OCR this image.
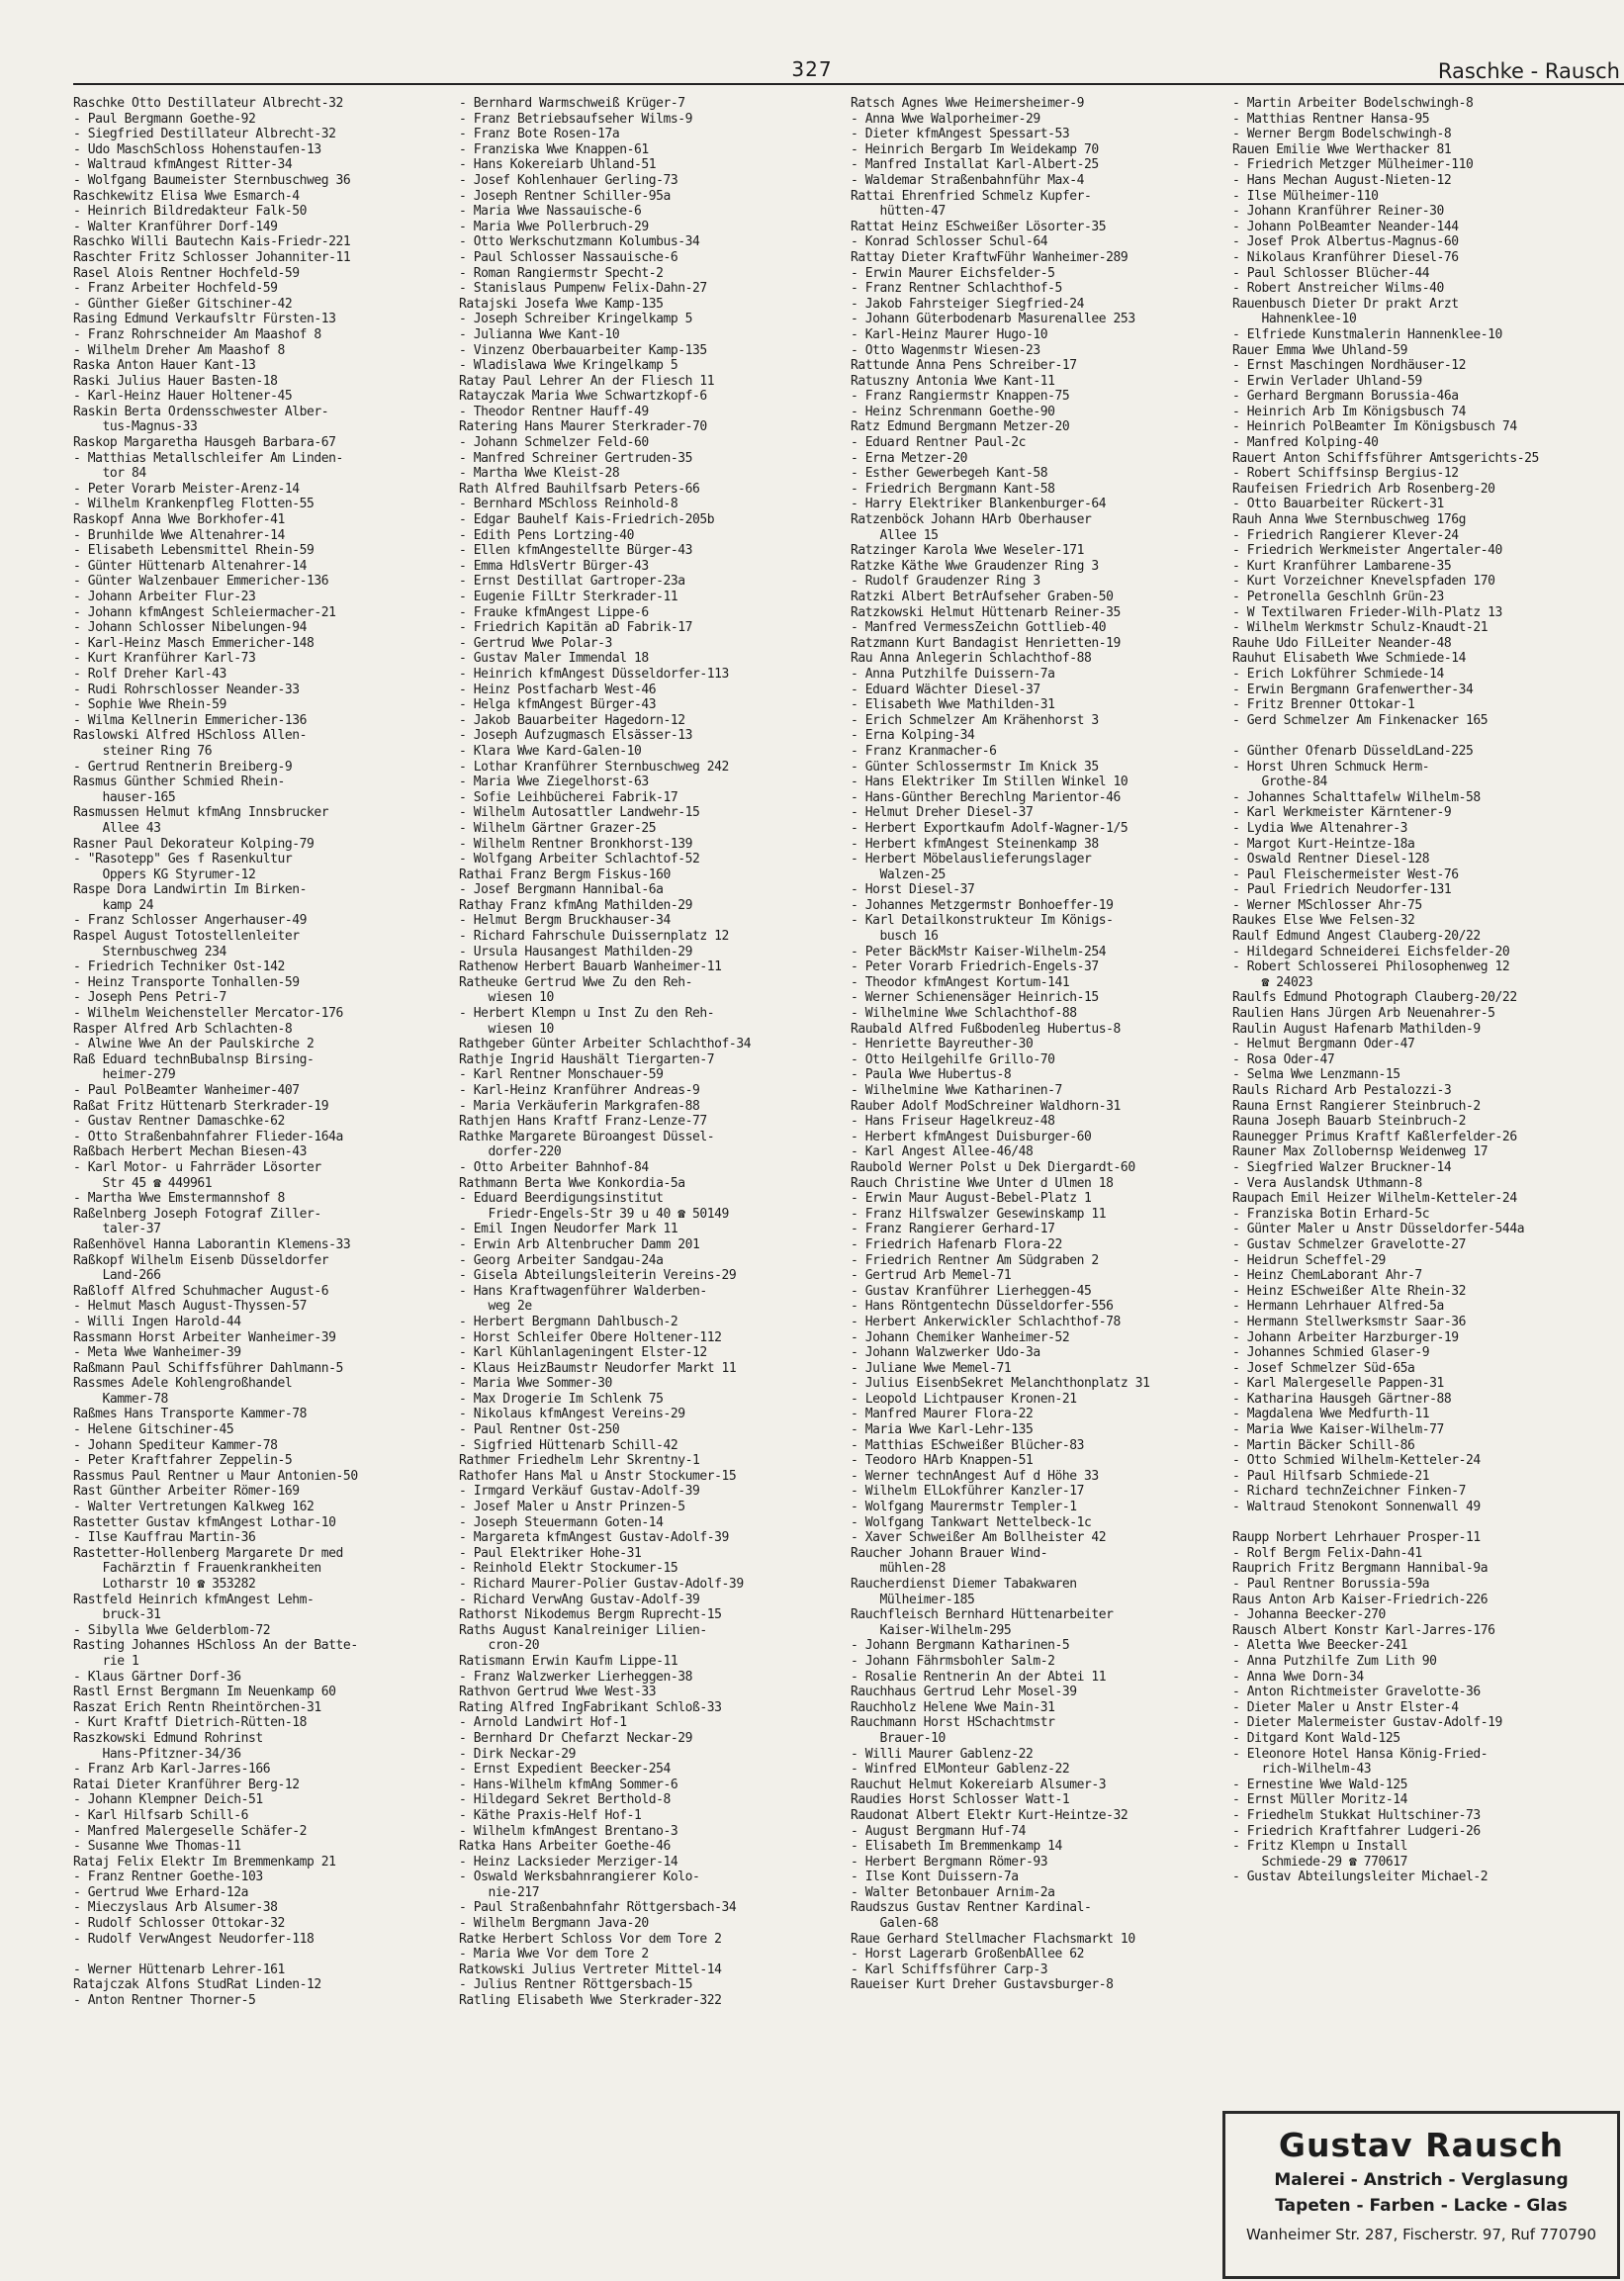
327	Raschke - Rausch
Raschke Otto Destillateur Albrecht-32
- Paul Bergmann Goethe-92
- Siegfried Destillateur Albrecht-32
- Udo MaschSchloss Hohenstaufen-13
- Waltraud kfmAngest Ritter-34
- Wolfgang Baumeister Sternbuschweg 36
Raschkewitz Elisa Wwe Esmarch-4
- Heinrich Bildredakteur Falk-50
- Walter Kranführer Dorf-149
Raschko Willi Bautechn Kais-Friedr-221
Raschter Fritz Schlosser Johanniter-11
Rasel Alois Rentner Hochfeld-59
- Franz Arbeiter Hochfeld-59
- Günther Gießer Gitschiner-42
Rasing Edmund Verkaufsltr Fürsten-13
- Franz Rohrschneider Am Maashof 8
- Wilhelm Dreher Am Maashof 8
Raska Anton Hauer Kant-13
Raski Julius Hauer Basten-18
- Karl-Heinz Hauer Holtener-45
Raskin Berta Ordensschwester Alber-
tus-Magnus-33
Raskop Margaretha Hausgeh Barbara-67
- Matthias Metallschleifer Am Linden-
tor 84
- Peter Vorarb Meister-Arenz-14
- Wilhelm Krankenpfleg Flotten-55
Raskopf Anna Wwe Borkhofer-41
- Brunhilde Wwe Altenahrer-14
- Elisabeth Lebensmittel Rhein-59
- Günter Hüttenarb Altenahrer-14
- Günter Walzenbauer Emmericher-136
- Johann Arbeiter Flur-23
- Johann kfmAngest Schleiermacher-21
- Johann Schlosser Nibelungen-94
- Karl-Heinz Masch Emmericher-148
- Kurt Kranführer Karl-73
- Rolf Dreher Karl-43
- Rudi Rohrschlosser Neander-33
- Sophie Wwe Rhein-59
- Wilma Kellnerin Emmericher-136
Raslowski Alfred HSchloss Allen-
steiner Ring 76
- Gertrud Rentnerin Breiberg-9
Rasmus Günther Schmied Rhein-
hauser-165
Rasmussen Helmut kfmAng Innsbrucker
Allee 43
Rasner Paul Dekorateur Kolping-79
- "Rasotepp" Ges f Rasenkultur
Oppers KG Styrumer-12
Raspe Dora Landwirtin Im Birken-
kamp 24
- Franz Schlosser Angerhauser-49
Raspel August Totostellenleiter
Sternbuschweg 234
- Friedrich Techniker Ost-142
- Heinz Transporte Tonhallen-59
- Joseph Pens Petri-7
- Wilhelm Weichensteller Mercator-176
Rasper Alfred Arb Schlachten-8
- Alwine Wwe An der Paulskirche 2
Raß Eduard technBubalnsp Birsing-
heimer-279
- Paul PolBeamter Wanheimer-407
Raßat Fritz Hüttenarb Sterkrader-19
- Gustav Rentner Damaschke-62
- Otto Straßenbahnfahrer Flieder-164a
Raßbach Herbert Mechan Biesen-43
- Karl Motor- u Fahrräder Lösorter
Str 45 ☎ 449961
- Martha Wwe Emstermannshof 8
Raßelnberg Joseph Fotograf Ziller-
taler-37
Raßenhövel Hanna Laborantin Klemens-33
Raßkopf Wilhelm Eisenb Düsseldorfer
Land-266
Raßloff Alfred Schuhmacher August-6
- Helmut Masch August-Thyssen-57
- Willi Ingen Harold-44
Rassmann Horst Arbeiter Wanheimer-39
- Meta Wwe Wanheimer-39
Raßmann Paul Schiffsführer Dahlmann-5
Rassmes Adele Kohlengroßhandel
Kammer-78
Raßmes Hans Transporte Kammer-78
- Helene Gitschiner-45
- Johann Spediteur Kammer-78
- Peter Kraftfahrer Zeppelin-5
Rassmus Paul Rentner u Maur Antonien-50
Rast Günther Arbeiter Römer-169
- Walter Vertretungen Kalkweg 162
Rastetter Gustav kfmAngest Lothar-10
- Ilse Kauffrau Martin-36
Rastetter-Hollenberg Margarete Dr med
Fachärztin f Frauenkrankheiten
Lotharstr 10 ☎ 353282
Rastfeld Heinrich kfmAngest Lehm-
bruck-31
- Sibylla Wwe Gelderblom-72
Rasting Johannes HSchloss An der Batte-
rie 1
- Klaus Gärtner Dorf-36
Rastl Ernst Bergmann Im Neuenkamp 60
Raszat Erich Rentn Rheintörchen-31
- Kurt Kraftf Dietrich-Rütten-18
Raszkowski Edmund Rohrinst
Hans-Pfitzner-34/36
- Franz Arb Karl-Jarres-166
Ratai Dieter Kranführer Berg-12
- Johann Klempner Deich-51
- Karl Hilfsarb Schill-6
- Manfred Malergeselle Schäfer-2
- Susanne Wwe Thomas-11
Rataj Felix Elektr Im Bremmenkamp 21
- Franz Rentner Goethe-103
- Gertrud Wwe Erhard-12a
- Mieczyslaus Arb Alsumer-38
- Rudolf Schlosser Ottokar-32
- Rudolf VerwAngest Neudorfer-118

- Werner Hüttenarb Lehrer-161
Ratajczak Alfons StudRat Linden-12
- Anton Rentner Thorner-5
- Bernhard Warmschweiß Krüger-7
- Franz Betriebsaufseher Wilms-9
- Franz Bote Rosen-17a
- Franziska Wwe Knappen-61
- Hans Kokereiarb Uhland-51
- Josef Kohlenhauer Gerling-73
- Joseph Rentner Schiller-95a
- Maria Wwe Nassauische-6
- Maria Wwe Pollerbruch-29
- Otto Werkschutzmann Kolumbus-34
- Paul Schlosser Nassauische-6
- Roman Rangiermstr Specht-2
- Stanislaus Pumpenw Felix-Dahn-27
Ratajski Josefa Wwe Kamp-135
- Joseph Schreiber Kringelkamp 5
- Julianna Wwe Kant-10
- Vinzenz Oberbauarbeiter Kamp-135
- Wladislawa Wwe Kringelkamp 5
Ratay Paul Lehrer An der Fliesch 11
Ratayczak Maria Wwe Schwartzkopf-6
- Theodor Rentner Hauff-49
Ratering Hans Maurer Sterkrader-70
- Johann Schmelzer Feld-60
- Manfred Schreiner Gertruden-35
- Martha Wwe Kleist-28
Rath Alfred Bauhilfsarb Peters-66
- Bernhard MSchloss Reinhold-8
- Edgar Bauhelf Kais-Friedrich-205b
- Edith Pens Lortzing-40
- Ellen kfmAngestellte Bürger-43
- Emma HdlsVertr Bürger-43
- Ernst Destillat Gartroper-23a
- Eugenie FilLtr Sterkrader-11
- Frauke kfmAngest Lippe-6
- Friedrich Kapitän aD Fabrik-17
- Gertrud Wwe Polar-3
- Gustav Maler Immendal 18
- Heinrich kfmAngest Düsseldorfer-113
- Heinz Postfacharb West-46
- Helga kfmAngest Bürger-43
- Jakob Bauarbeiter Hagedorn-12
- Joseph Aufzugmasch Elsässer-13
- Klara Wwe Kard-Galen-10
- Lothar Kranführer Sternbuschweg 242
- Maria Wwe Ziegelhorst-63
- Sofie Leihbücherei Fabrik-17
- Wilhelm Autosattler Landwehr-15
- Wilhelm Gärtner Grazer-25
- Wilhelm Rentner Bronkhorst-139
- Wolfgang Arbeiter Schlachtof-52
Rathai Franz Bergm Fiskus-160
- Josef Bergmann Hannibal-6a
Rathay Franz kfmAng Mathilden-29
- Helmut Bergm Bruckhauser-34
- Richard Fahrschule Duissernplatz 12
- Ursula Hausangest Mathilden-29
Rathenow Herbert Bauarb Wanheimer-11
Ratheuke Gertrud Wwe Zu den Reh-
wiesen 10
- Herbert Klempn u Inst Zu den Reh-
wiesen 10
Rathgeber Günter Arbeiter Schlachthof-34
Rathje Ingrid Haushält Tiergarten-7
- Karl Rentner Monschauer-59
- Karl-Heinz Kranführer Andreas-9
- Maria Verkäuferin Markgrafen-88
Rathjen Hans Kraftf Franz-Lenze-77
Rathke Margarete Büroangest Düssel-
dorfer-220
- Otto Arbeiter Bahnhof-84
Rathmann Berta Wwe Konkordia-5a
- Eduard Beerdigungsinstitut
Friedr-Engels-Str 39 u 40 ☎ 50149
- Emil Ingen Neudorfer Mark 11
- Erwin Arb Altenbrucher Damm 201
- Georg Arbeiter Sandgau-24a
- Gisela Abteilungsleiterin Vereins-29
- Hans Kraftwagenführer Walderben-
weg 2e
- Herbert Bergmann Dahlbusch-2
- Horst Schleifer Obere Holtener-112
- Karl Kühlanlageningent Elster-12
- Klaus HeizBaumstr Neudorfer Markt 11
- Maria Wwe Sommer-30
- Max Drogerie Im Schlenk 75
- Nikolaus kfmAngest Vereins-29
- Paul Rentner Ost-250
- Sigfried Hüttenarb Schill-42
Rathmer Friedhelm Lehr Skrentny-1
Rathofer Hans Mal u Anstr Stockumer-15
- Irmgard Verkäuf Gustav-Adolf-39
- Josef Maler u Anstr Prinzen-5
- Joseph Steuermann Goten-14
- Margareta kfmAngest Gustav-Adolf-39
- Paul Elektriker Hohe-31
- Reinhold Elektr Stockumer-15
- Richard Maurer-Polier Gustav-Adolf-39
- Richard VerwAng Gustav-Adolf-39
Rathorst Nikodemus Bergm Ruprecht-15
Raths August Kanalreiniger Lilien-
cron-20
Ratismann Erwin Kaufm Lippe-11
- Franz Walzwerker Lierheggen-38
Rathvon Gertrud Wwe West-33
Rating Alfred IngFabrikant Schloß-33
- Arnold Landwirt Hof-1
- Bernhard Dr Chefarzt Neckar-29
- Dirk Neckar-29
- Ernst Expedient Beecker-254
- Hans-Wilhelm kfmAng Sommer-6
- Hildegard Sekret Berthold-8
- Käthe Praxis-Helf Hof-1
- Wilhelm kfmAngest Brentano-3
Ratka Hans Arbeiter Goethe-46
- Heinz Lacksieder Merziger-14
- Oswald Werksbahnrangierer Kolo-
nie-217
- Paul Straßenbahnfahr Röttgersbach-34
- Wilhelm Bergmann Java-20
Ratke Herbert Schloss Vor dem Tore 2
- Maria Wwe Vor dem Tore 2
Ratkowski Julius Vertreter Mittel-14
- Julius Rentner Röttgersbach-15
Ratling Elisabeth Wwe Sterkrader-322
Ratsch Agnes Wwe Heimersheimer-9
- Anna Wwe Walporheimer-29
- Dieter kfmAngest Spessart-53
- Heinrich Bergarb Im Weidekamp 70
- Manfred Installat Karl-Albert-25
- Waldemar Straßenbahnführ Max-4
Rattai Ehrenfried Schmelz Kupfer-
hütten-47
Rattat Heinz ESchweißer Lösorter-35
- Konrad Schlosser Schul-64
Rattay Dieter KraftwFühr Wanheimer-289
- Erwin Maurer Eichsfelder-5
- Franz Rentner Schlachthof-5
- Jakob Fahrsteiger Siegfried-24
- Johann Güterbodenarb Masurenallee 253
- Karl-Heinz Maurer Hugo-10
- Otto Wagenmstr Wiesen-23
Rattunde Anna Pens Schreiber-17
Ratuszny Antonia Wwe Kant-11
- Franz Rangiermstr Knappen-75
- Heinz Schrenmann Goethe-90
Ratz Edmund Bergmann Metzer-20
- Eduard Rentner Paul-2c
- Erna Metzer-20
- Esther Gewerbegeh Kant-58
- Friedrich Bergmann Kant-58
- Harry Elektriker Blankenburger-64
Ratzenböck Johann HArb Oberhauser
Allee 15
Ratzinger Karola Wwe Weseler-171
Ratzke Käthe Wwe Graudenzer Ring 3
- Rudolf Graudenzer Ring 3
Ratzki Albert BetrAufseher Graben-50
Ratzkowski Helmut Hüttenarb Reiner-35
- Manfred VermessZeichn Gottlieb-40
Ratzmann Kurt Bandagist Henrietten-19
Rau Anna Anlegerin Schlachthof-88
- Anna Putzhilfe Duissern-7a
- Eduard Wächter Diesel-37
- Elisabeth Wwe Mathilden-31
- Erich Schmelzer Am Krähenhorst 3
- Erna Kolping-34
- Franz Kranmacher-6
- Günter Schlossermstr Im Knick 35
- Hans Elektriker Im Stillen Winkel 10
- Hans-Günther Berechlng Marientor-46
- Helmut Dreher Diesel-37
- Herbert Exportkaufm Adolf-Wagner-1/5
- Herbert kfmAngest Steinenkamp 38
- Herbert Möbelauslieferungslager
Walzen-25
- Horst Diesel-37
- Johannes Metzgermstr Bonhoeffer-19
- Karl Detailkonstrukteur Im Königs-
busch 16
- Peter BäckMstr Kaiser-Wilhelm-254
- Peter Vorarb Friedrich-Engels-37
- Theodor kfmAngest Kortum-141
- Werner Schienensäger Heinrich-15
- Wilhelmine Wwe Schlachthof-88
Raubald Alfred Fußbodenleg Hubertus-8
- Henriette Bayreuther-30
- Otto Heilgehilfe Grillo-70
- Paula Wwe Hubertus-8
- Wilhelmine Wwe Katharinen-7
Rauber Adolf ModSchreiner Waldhorn-31
- Hans Friseur Hagelkreuz-48
- Herbert kfmAngest Duisburger-60
- Karl Angest Allee-46/48
Raubold Werner Polst u Dek Diergardt-60
Rauch Christine Wwe Unter d Ulmen 18
- Erwin Maur August-Bebel-Platz 1
- Franz Hilfswalzer Gesewinskamp 11
- Franz Rangierer Gerhard-17
- Friedrich Hafenarb Flora-22
- Friedrich Rentner Am Südgraben 2
- Gertrud Arb Memel-71
- Gustav Kranführer Lierheggen-45
- Hans Röntgentechn Düsseldorfer-556
- Herbert Ankerwickler Schlachthof-78
- Johann Chemiker Wanheimer-52
- Johann Walzwerker Udo-3a
- Juliane Wwe Memel-71
- Julius EisenbSekret Melanchthonplatz 31
- Leopold Lichtpauser Kronen-21
- Manfred Maurer Flora-22
- Maria Wwe Karl-Lehr-135
- Matthias ESchweißer Blücher-83
- Teodoro HArb Knappen-51
- Werner technAngest Auf d Höhe 33
- Wilhelm ElLokführer Kanzler-17
- Wolfgang Maurermstr Templer-1
- Wolfgang Tankwart Nettelbeck-1c
- Xaver Schweißer Am Bollheister 42
Raucher Johann Brauer Wind-
mühlen-28
Raucherdienst Diemer Tabakwaren
Mülheimer-185
Rauchfleisch Bernhard Hüttenarbeiter
Kaiser-Wilhelm-295
- Johann Bergmann Katharinen-5
- Johann Fährmsbohler Salm-2
- Rosalie Rentnerin An der Abtei 11
Rauchhaus Gertrud Lehr Mosel-39
Rauchholz Helene Wwe Main-31
Rauchmann Horst HSchachtmstr
Brauer-10
- Willi Maurer Gablenz-22
- Winfred ElMonteur Gablenz-22
Rauchut Helmut Kokereiarb Alsumer-3
Raudies Horst Schlosser Watt-1
Raudonat Albert Elektr Kurt-Heintze-32
- August Bergmann Huf-74
- Elisabeth Im Bremmenkamp 14
- Herbert Bergmann Römer-93
- Ilse Kont Duissern-7a
- Walter Betonbauer Arnim-2a
Raudszus Gustav Rentner Kardinal-
Galen-68
Raue Gerhard Stellmacher Flachsmarkt 10
- Horst Lagerarb GroßenbAllee 62
- Karl Schiffsführer Carp-3
Raueiser Kurt Dreher Gustavsburger-8
- Martin Arbeiter Bodelschwingh-8
- Matthias Rentner Hansa-95
- Werner Bergm Bodelschwingh-8
Rauen Emilie Wwe Werthacker 81
- Friedrich Metzger Mülheimer-110
- Hans Mechan August-Nieten-12
- Ilse Mülheimer-110
- Johann Kranführer Reiner-30
- Johann PolBeamter Neander-144
- Josef Prok Albertus-Magnus-60
- Nikolaus Kranführer Diesel-76
- Paul Schlosser Blücher-44
- Robert Anstreicher Wilms-40
Rauenbusch Dieter Dr prakt Arzt
Hahnenklee-10
- Elfriede Kunstmalerin Hannenklee-10
Rauer Emma Wwe Uhland-59
- Ernst Maschingen Nordhäuser-12
- Erwin Verlader Uhland-59
- Gerhard Bergmann Borussia-46a
- Heinrich Arb Im Königsbusch 74
- Heinrich PolBeamter Im Königsbusch 74
- Manfred Kolping-40
Rauert Anton Schiffsführer Amtsgerichts-25
- Robert Schiffsinsp Bergius-12
Raufeisen Friedrich Arb Rosenberg-20
- Otto Bauarbeiter Rückert-31
Rauh Anna Wwe Sternbuschweg 176g
- Friedrich Rangierer Klever-24
- Friedrich Werkmeister Angertaler-40
- Kurt Kranführer Lambarene-35
- Kurt Vorzeichner Knevelspfaden 170
- Petronella Geschlnh Grün-23
- W Textilwaren Frieder-Wilh-Platz 13
- Wilhelm Werkmstr Schulz-Knaudt-21
Rauhe Udo FilLeiter Neander-48
Rauhut Elisabeth Wwe Schmiede-14
- Erich Lokführer Schmiede-14
- Erwin Bergmann Grafenwerther-34
- Fritz Brenner Ottokar-1
- Gerd Schmelzer Am Finkenacker 165

- Günther Ofenarb DüsseldLand-225
- Horst Uhren Schmuck Herm-
Grothe-84
- Johannes Schalttafelw Wilhelm-58
- Karl Werkmeister Kärntener-9
- Lydia Wwe Altenahrer-3
- Margot Kurt-Heintze-18a
- Oswald Rentner Diesel-128
- Paul Fleischermeister West-76
- Paul Friedrich Neudorfer-131
- Werner MSchlosser Ahr-75
Raukes Else Wwe Felsen-32
Raulf Edmund Angest Clauberg-20/22
- Hildegard Schneiderei Eichsfelder-20
- Robert Schlosserei Philosophenweg 12
☎ 24023
Raulfs Edmund Photograph Clauberg-20/22
Raulien Hans Jürgen Arb Neuenahrer-5
Raulin August Hafenarb Mathilden-9
- Helmut Bergmann Oder-47
- Rosa Oder-47
- Selma Wwe Lenzmann-15
Rauls Richard Arb Pestalozzi-3
Rauna Ernst Rangierer Steinbruch-2
Rauna Joseph Bauarb Steinbruch-2
Raunegger Primus Kraftf Kaßlerfelder-26
Rauner Max Zollobernsp Weidenweg 17
- Siegfried Walzer Bruckner-14
- Vera Auslandsk Uthmann-8
Raupach Emil Heizer Wilhelm-Ketteler-24
- Franziska Botin Erhard-5c
- Günter Maler u Anstr Düsseldorfer-544a
- Gustav Schmelzer Gravelotte-27
- Heidrun Scheffel-29
- Heinz ChemLaborant Ahr-7
- Heinz ESchweißer Alte Rhein-32
- Hermann Lehrhauer Alfred-5a
- Hermann Stellwerksmstr Saar-36
- Johann Arbeiter Harzburger-19
- Johannes Schmied Glaser-9
- Josef Schmelzer Süd-65a
- Karl Malergeselle Pappen-31
- Katharina Hausgeh Gärtner-88
- Magdalena Wwe Medfurth-11
- Maria Wwe Kaiser-Wilhelm-77
- Martin Bäcker Schill-86
- Otto Schmied Wilhelm-Ketteler-24
- Paul Hilfsarb Schmiede-21
- Richard technZeichner Finken-7
- Waltraud Stenokont Sonnenwall 49

Raupp Norbert Lehrhauer Prosper-11
- Rolf Bergm Felix-Dahn-41
Rauprich Fritz Bergmann Hannibal-9a
- Paul Rentner Borussia-59a
Raus Anton Arb Kaiser-Friedrich-226
- Johanna Beecker-270
Rausch Albert Konstr Karl-Jarres-176
- Aletta Wwe Beecker-241
- Anna Putzhilfe Zum Lith 90
- Anna Wwe Dorn-34
- Anton Richtmeister Gravelotte-36
- Dieter Maler u Anstr Elster-4
- Dieter Malermeister Gustav-Adolf-19
- Ditgard Kont Wald-125
- Eleonore Hotel Hansa König-Fried-
rich-Wilhelm-43
- Ernestine Wwe Wald-125
- Ernst Müller Moritz-14
- Friedhelm Stukkat Hultschiner-73
- Friedrich Kraftfahrer Ludgeri-26
- Fritz Klempn u Install
Schmiede-29 ☎ 770617
- Gustav Abteilungsleiter Michael-2
Gustav Rausch
Malerei - Anstrich - Verglasung
Tapeten - Farben - Lacke - Glas
Wanheimer Str. 287, Fischerstr. 97, Ruf 770790
